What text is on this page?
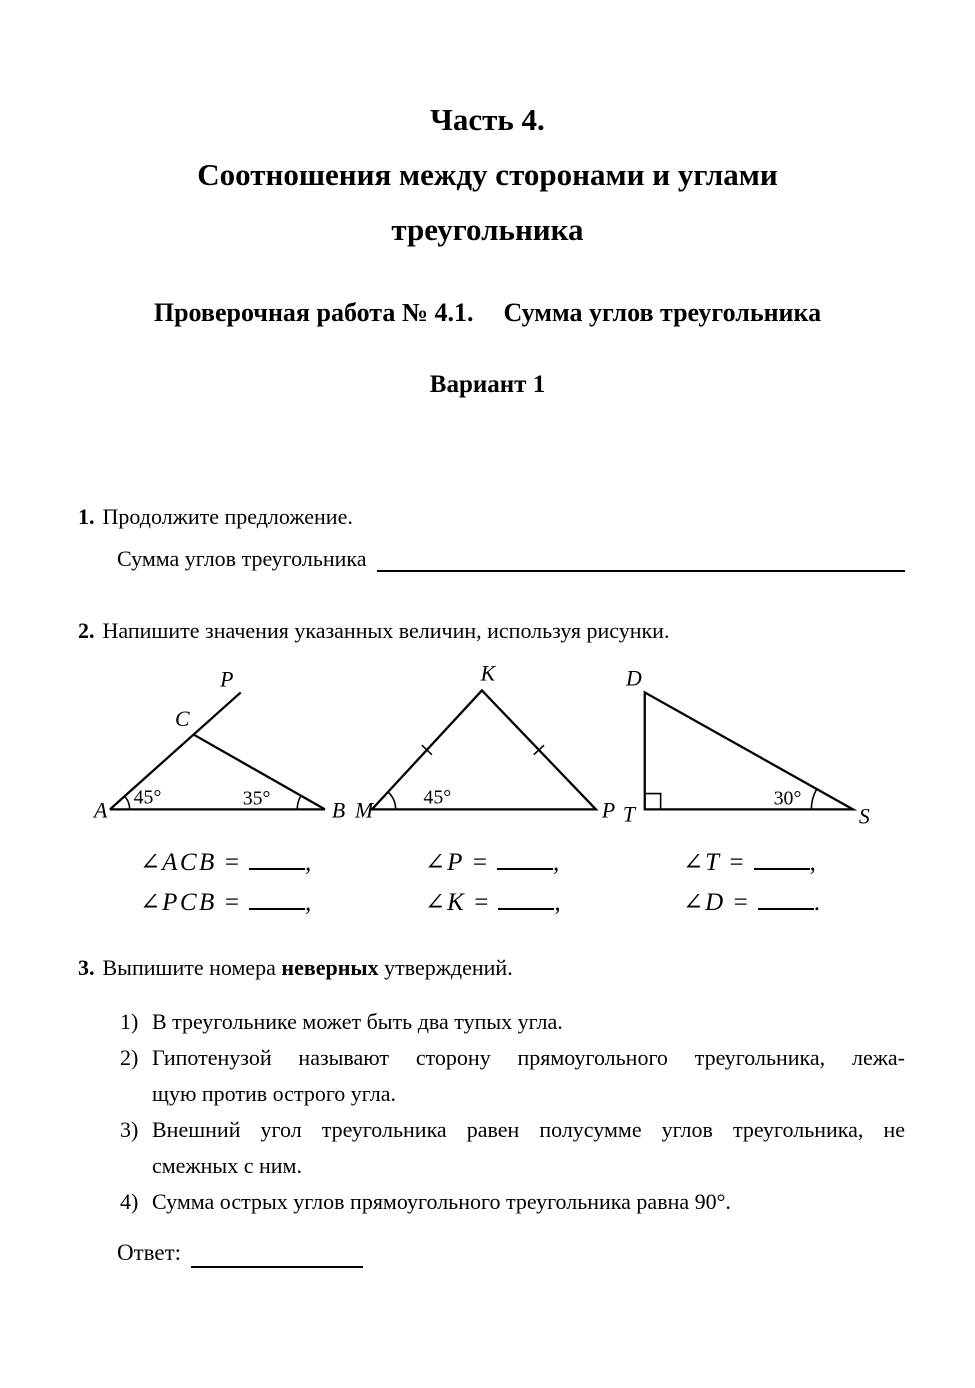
Часть 4.
Соотношения между сторонами и углами
треугольника
Проверочная работа № 4.1. Сумма углов треугольника
Вариант 1

1. Продолжите предложение.

Сумма углов треугольника

2. Напишите значения указанных величин, используя рисунки.

A	B
C
P
45°	35°	M
K
P
45°
D
T	S
30°
∠ACB =	,	∠P =	,	∠T =	,
∠PCB =	,	∠K =	,	∠D =	.

3. Выпишите номера неверных утверждений.

1) В треугольнике может быть два тупых угла.
2) Гипотенузой называют сторону прямоугольного треугольника, лежа-
щую против острого угла.
3) Внешний угол треугольника равен полусумме углов треугольника, не
смежных с ним.
4) Сумма острых углов прямоугольного треугольника равна 90°.
Ответ:
